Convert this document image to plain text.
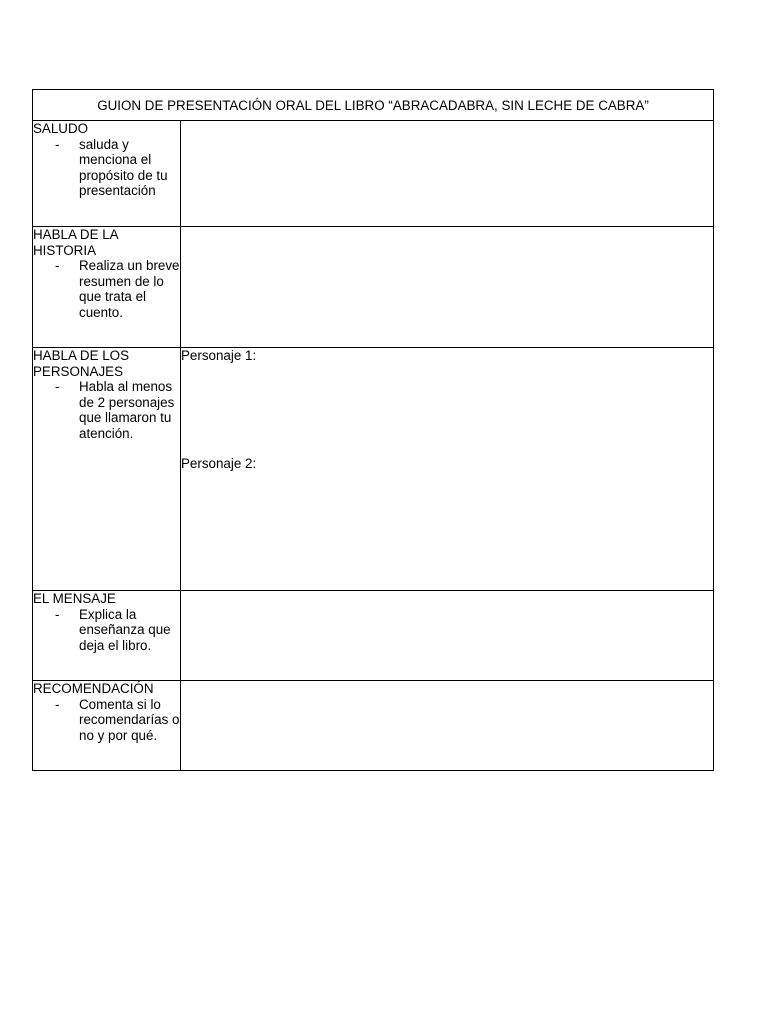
GUION DE PRESENTACIÓN ORAL DEL LIBRO “ABRACADABRA, SIN LECHE DE CABRA”	

SALUDO
- saluda y menciona el propósito de tu presentación	

HABLA DE LA HISTORIA
- Realiza un breve resumen de lo que trata el cuento.	

HABLA DE LOS PERSONAJES
- Habla al menos de 2 personajes que llamaron tu atención.	Personaje 1:
Personaje 2:

EL MENSAJE
- Explica la enseñanza que deja el libro.	

RECOMENDACIÓN
- Comenta si lo recomendarías o no y por qué.	
